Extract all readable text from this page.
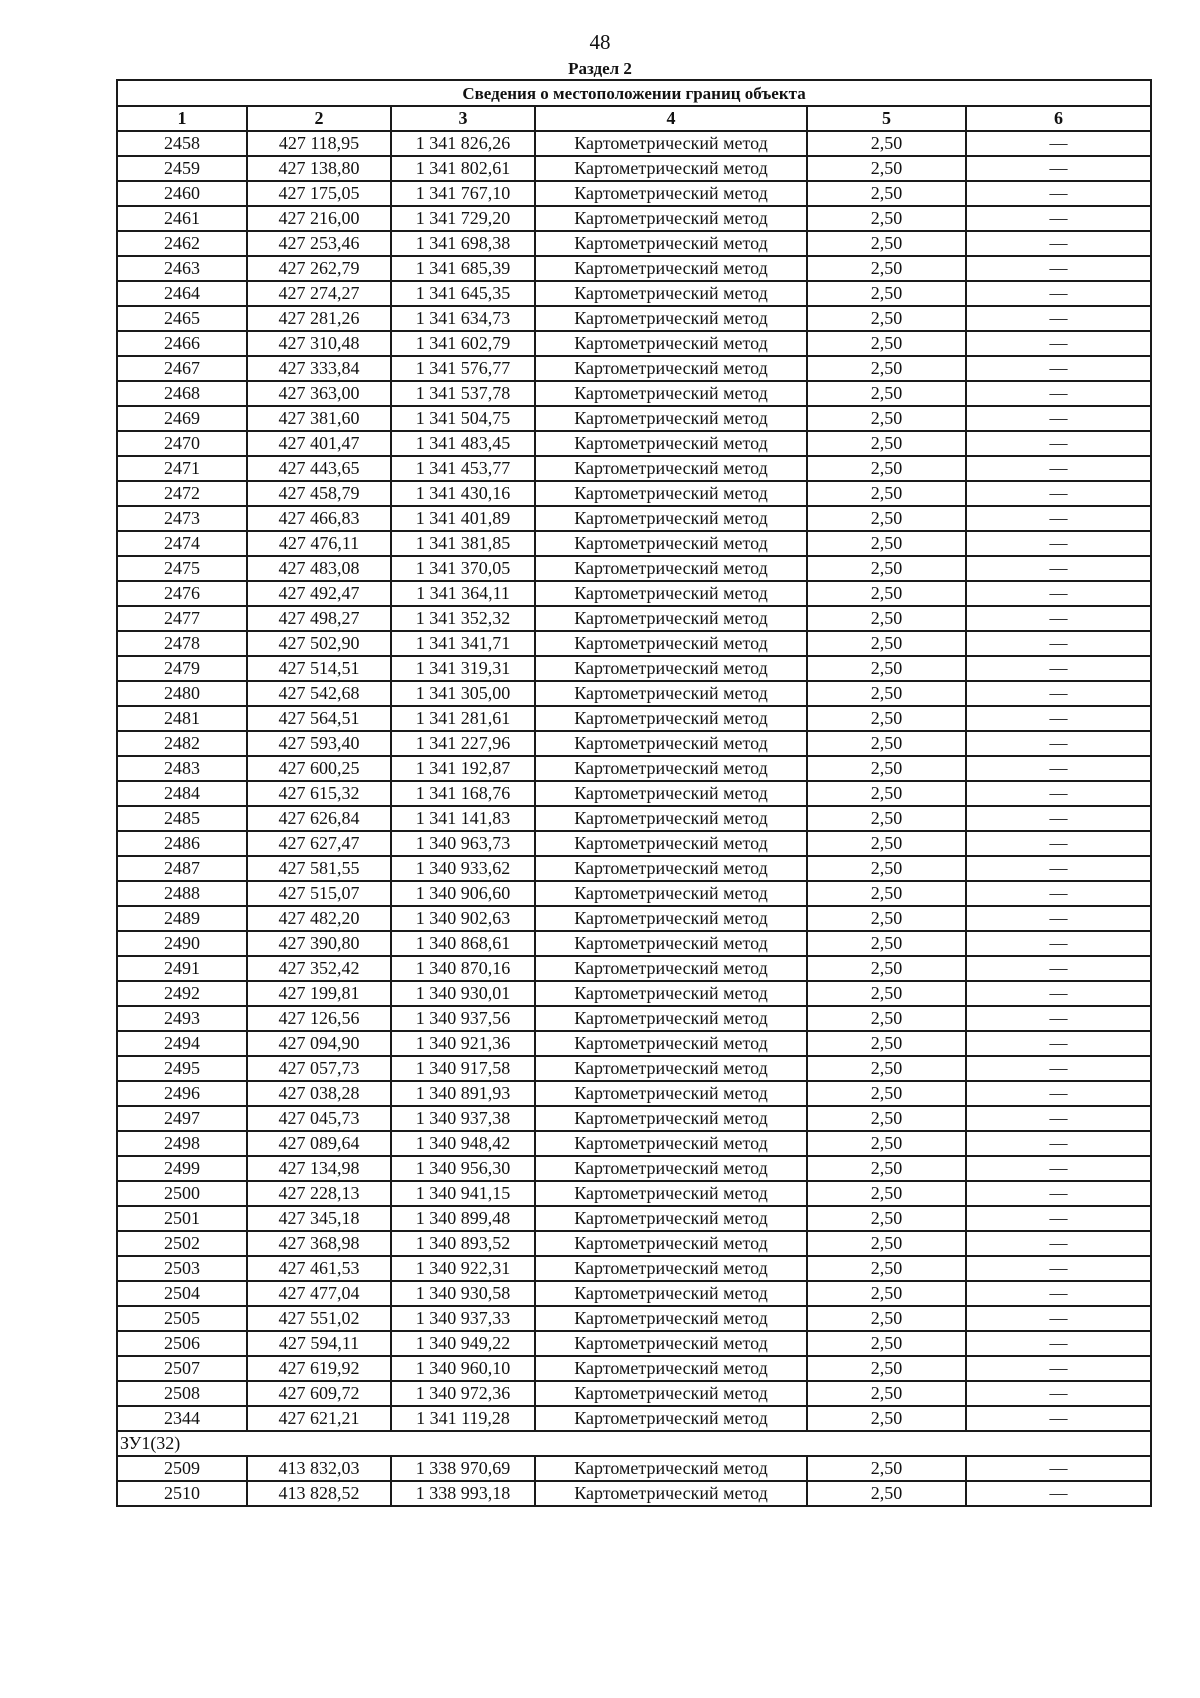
48
Раздел 2
Сведения о местоположении границ объекта					
1	2	3	4	5	6
2458	427 118,95	1 341 826,26	Картометрический метод	2,50	—
2459	427 138,80	1 341 802,61	Картометрический метод	2,50	—
2460	427 175,05	1 341 767,10	Картометрический метод	2,50	—
2461	427 216,00	1 341 729,20	Картометрический метод	2,50	—
2462	427 253,46	1 341 698,38	Картометрический метод	2,50	—
2463	427 262,79	1 341 685,39	Картометрический метод	2,50	—
2464	427 274,27	1 341 645,35	Картометрический метод	2,50	—
2465	427 281,26	1 341 634,73	Картометрический метод	2,50	—
2466	427 310,48	1 341 602,79	Картометрический метод	2,50	—
2467	427 333,84	1 341 576,77	Картометрический метод	2,50	—
2468	427 363,00	1 341 537,78	Картометрический метод	2,50	—
2469	427 381,60	1 341 504,75	Картометрический метод	2,50	—
2470	427 401,47	1 341 483,45	Картометрический метод	2,50	—
2471	427 443,65	1 341 453,77	Картометрический метод	2,50	—
2472	427 458,79	1 341 430,16	Картометрический метод	2,50	—
2473	427 466,83	1 341 401,89	Картометрический метод	2,50	—
2474	427 476,11	1 341 381,85	Картометрический метод	2,50	—
2475	427 483,08	1 341 370,05	Картометрический метод	2,50	—
2476	427 492,47	1 341 364,11	Картометрический метод	2,50	—
2477	427 498,27	1 341 352,32	Картометрический метод	2,50	—
2478	427 502,90	1 341 341,71	Картометрический метод	2,50	—
2479	427 514,51	1 341 319,31	Картометрический метод	2,50	—
2480	427 542,68	1 341 305,00	Картометрический метод	2,50	—
2481	427 564,51	1 341 281,61	Картометрический метод	2,50	—
2482	427 593,40	1 341 227,96	Картометрический метод	2,50	—
2483	427 600,25	1 341 192,87	Картометрический метод	2,50	—
2484	427 615,32	1 341 168,76	Картометрический метод	2,50	—
2485	427 626,84	1 341 141,83	Картометрический метод	2,50	—
2486	427 627,47	1 340 963,73	Картометрический метод	2,50	—
2487	427 581,55	1 340 933,62	Картометрический метод	2,50	—
2488	427 515,07	1 340 906,60	Картометрический метод	2,50	—
2489	427 482,20	1 340 902,63	Картометрический метод	2,50	—
2490	427 390,80	1 340 868,61	Картометрический метод	2,50	—
2491	427 352,42	1 340 870,16	Картометрический метод	2,50	—
2492	427 199,81	1 340 930,01	Картометрический метод	2,50	—
2493	427 126,56	1 340 937,56	Картометрический метод	2,50	—
2494	427 094,90	1 340 921,36	Картометрический метод	2,50	—
2495	427 057,73	1 340 917,58	Картометрический метод	2,50	—
2496	427 038,28	1 340 891,93	Картометрический метод	2,50	—
2497	427 045,73	1 340 937,38	Картометрический метод	2,50	—
2498	427 089,64	1 340 948,42	Картометрический метод	2,50	—
2499	427 134,98	1 340 956,30	Картометрический метод	2,50	—
2500	427 228,13	1 340 941,15	Картометрический метод	2,50	—
2501	427 345,18	1 340 899,48	Картометрический метод	2,50	—
2502	427 368,98	1 340 893,52	Картометрический метод	2,50	—
2503	427 461,53	1 340 922,31	Картометрический метод	2,50	—
2504	427 477,04	1 340 930,58	Картометрический метод	2,50	—
2505	427 551,02	1 340 937,33	Картометрический метод	2,50	—
2506	427 594,11	1 340 949,22	Картометрический метод	2,50	—
2507	427 619,92	1 340 960,10	Картометрический метод	2,50	—
2508	427 609,72	1 340 972,36	Картометрический метод	2,50	—
2344	427 621,21	1 341 119,28	Картометрический метод	2,50	—
ЗУ1(32)					
2509	413 832,03	1 338 970,69	Картометрический метод	2,50	—
2510	413 828,52	1 338 993,18	Картометрический метод	2,50	—
